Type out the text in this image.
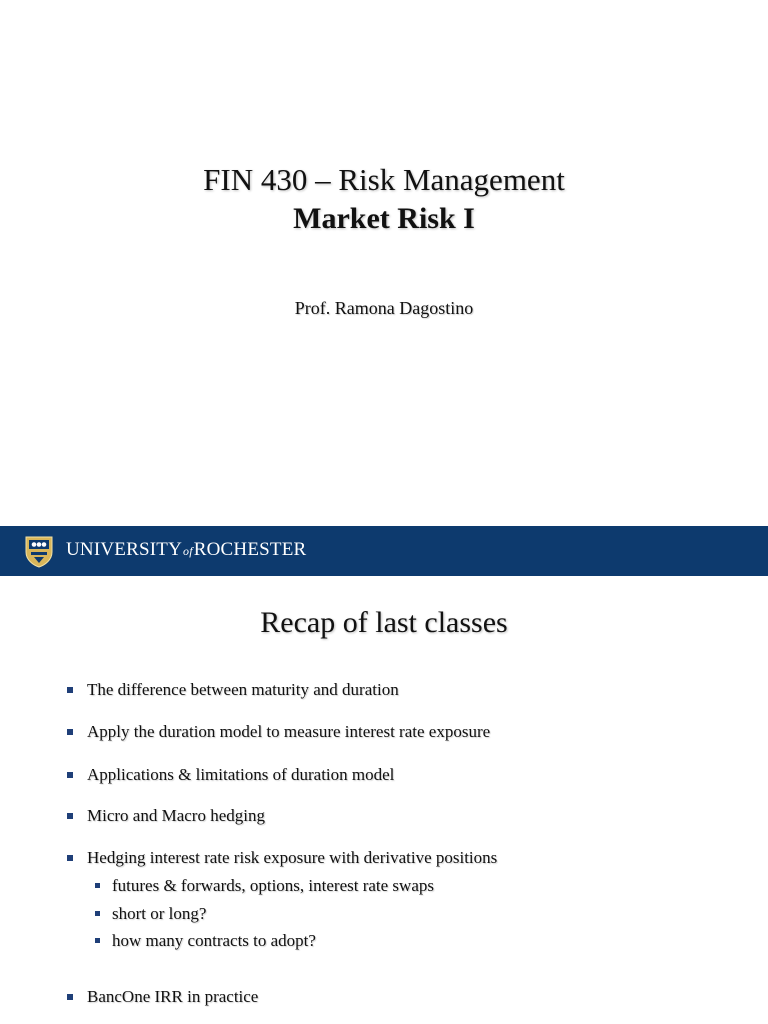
FIN 430 – Risk Management
Market Risk I
Prof. Ramona Dagostino
UNIVERSITYofROCHESTER
Recap of last classes
The difference between maturity and duration
Apply the duration model to measure interest rate exposure
Applications & limitations of duration model
Micro and Macro hedging
Hedging interest rate risk exposure with derivative positions
futures & forwards, options, interest rate swaps
short or long?
how many contracts to adopt?
BancOne IRR in practice
